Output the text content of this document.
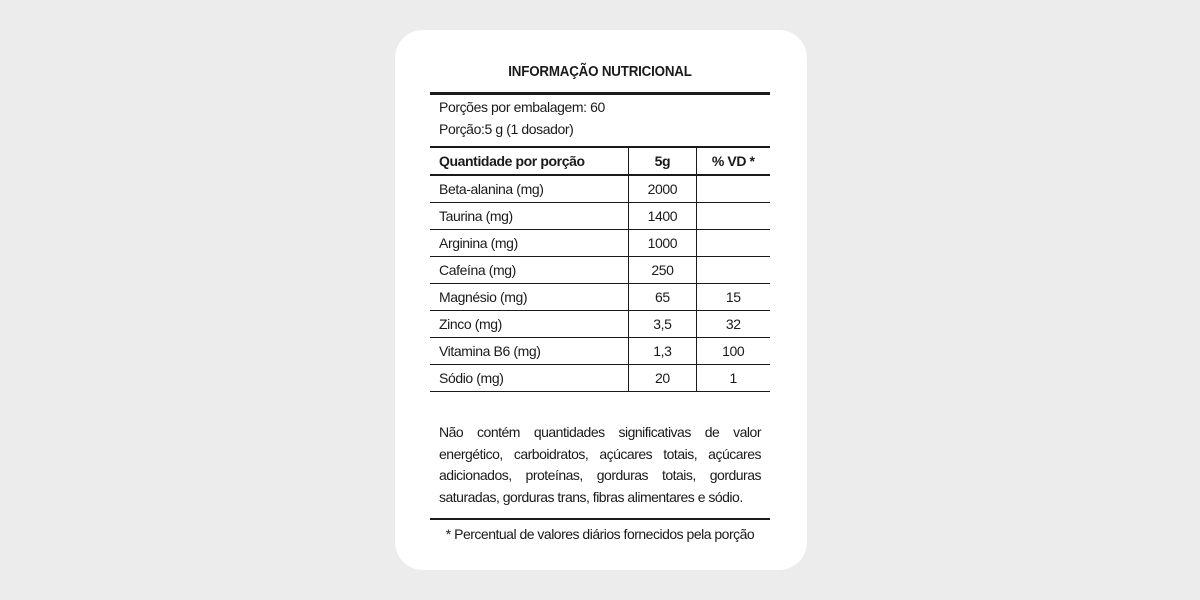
INFORMAÇÃO NUTRICIONAL
Porções por embalagem: 60
Porção:5 g (1 dosador)
Quantidade por porção	5g	% VD *
Beta-alanina (mg)	2000	
Taurina (mg)	1400	
Arginina (mg)	1000	
Cafeína (mg)	250	
Magnésio (mg)	65	15
Zinco (mg)	3,5	32
Vitamina B6 (mg)	1,3	100
Sódio (mg)	20	1
Não contém quantidades significativas de valor energético, carboidratos, açúcares totais, açúcares adicionados, proteínas, gorduras totais, gorduras saturadas, gorduras trans, fibras alimentares e sódio.
* Percentual de valores diários fornecidos pela porção
